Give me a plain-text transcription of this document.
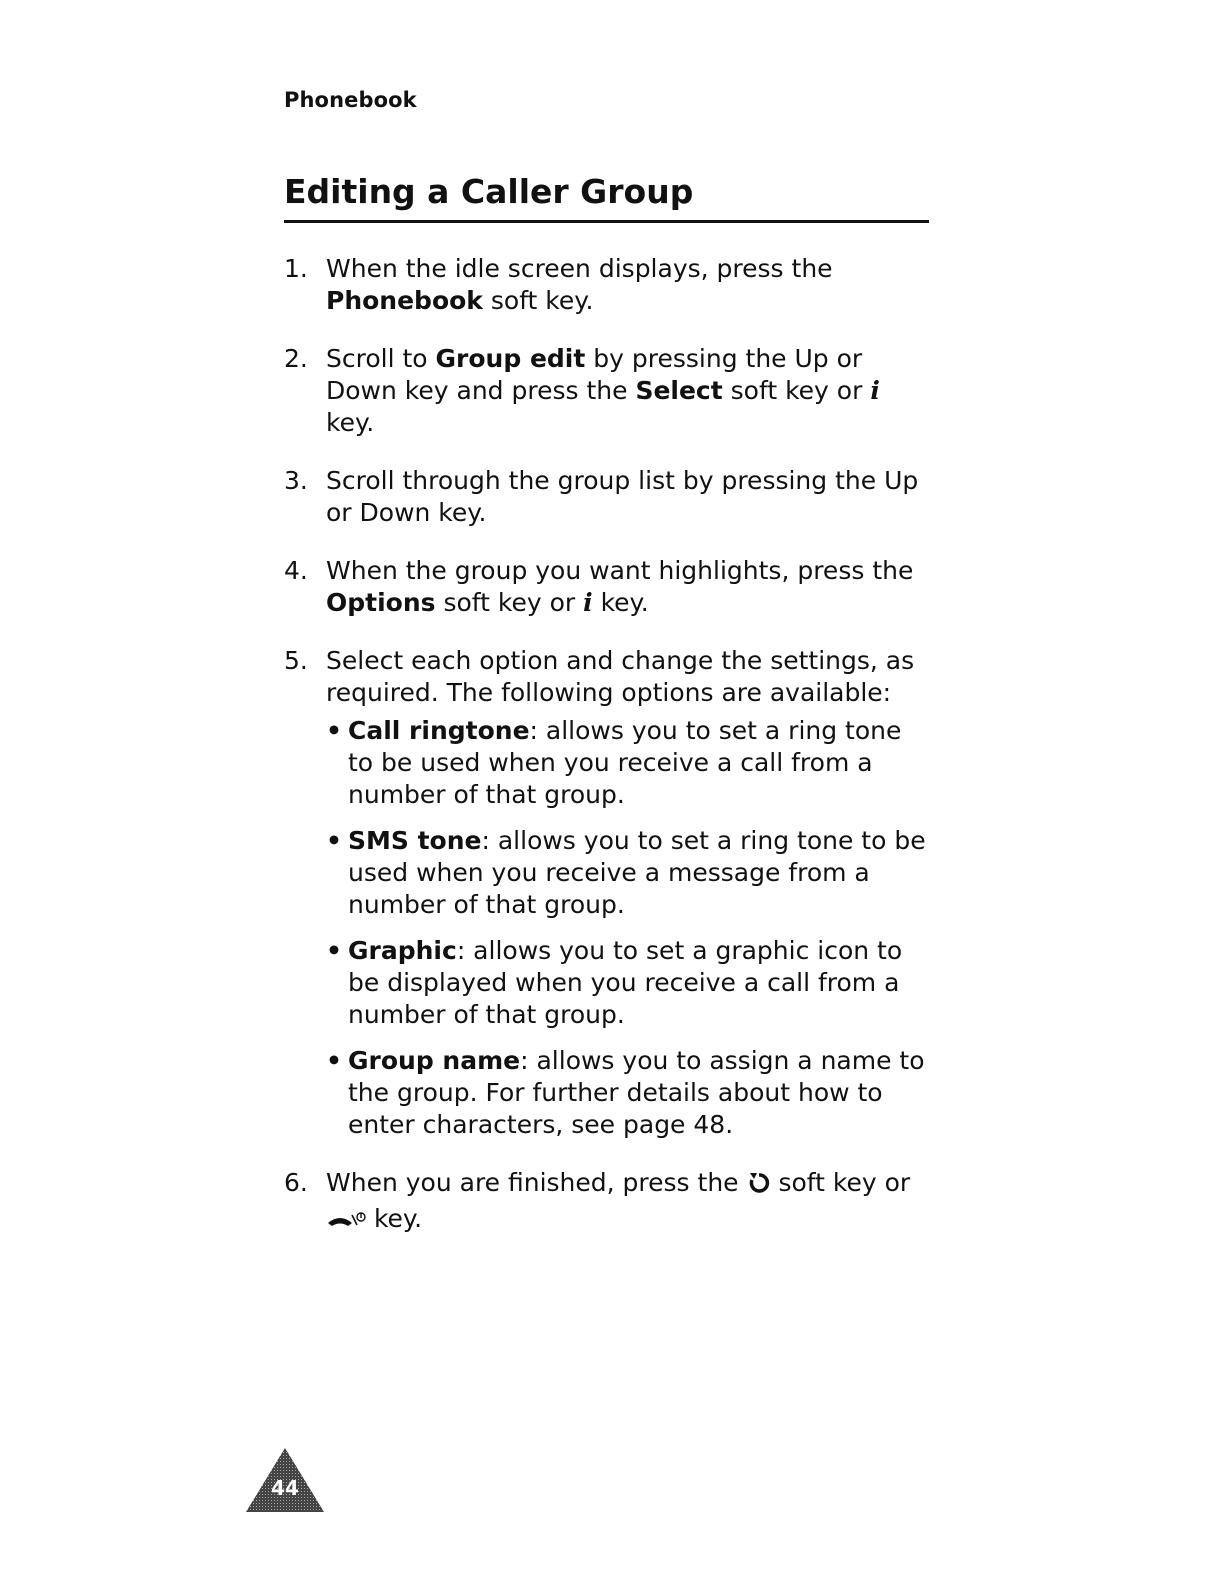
Phonebook
Editing a Caller Group
1. When the idle screen displays, press the Phonebook soft key.
2. Scroll to Group edit by pressing the Up or Down key and press the Select soft key or i key.
3. Scroll through the group list by pressing the Up or Down key.
4. When the group you want highlights, press the Options soft key or i key.
5. Select each option and change the settings, as required. The following options are available:
• Call ringtone: allows you to set a ring tone to be used when you receive a call from a number of that group.
• SMS tone: allows you to set a ring tone to be used when you receive a message from a number of that group.
• Graphic: allows you to set a graphic icon to be displayed when you receive a call from a number of that group.
• Group name: allows you to assign a name to the group. For further details about how to enter characters, see page 48.
6. When you are finished, press the  soft key or  key.
44
